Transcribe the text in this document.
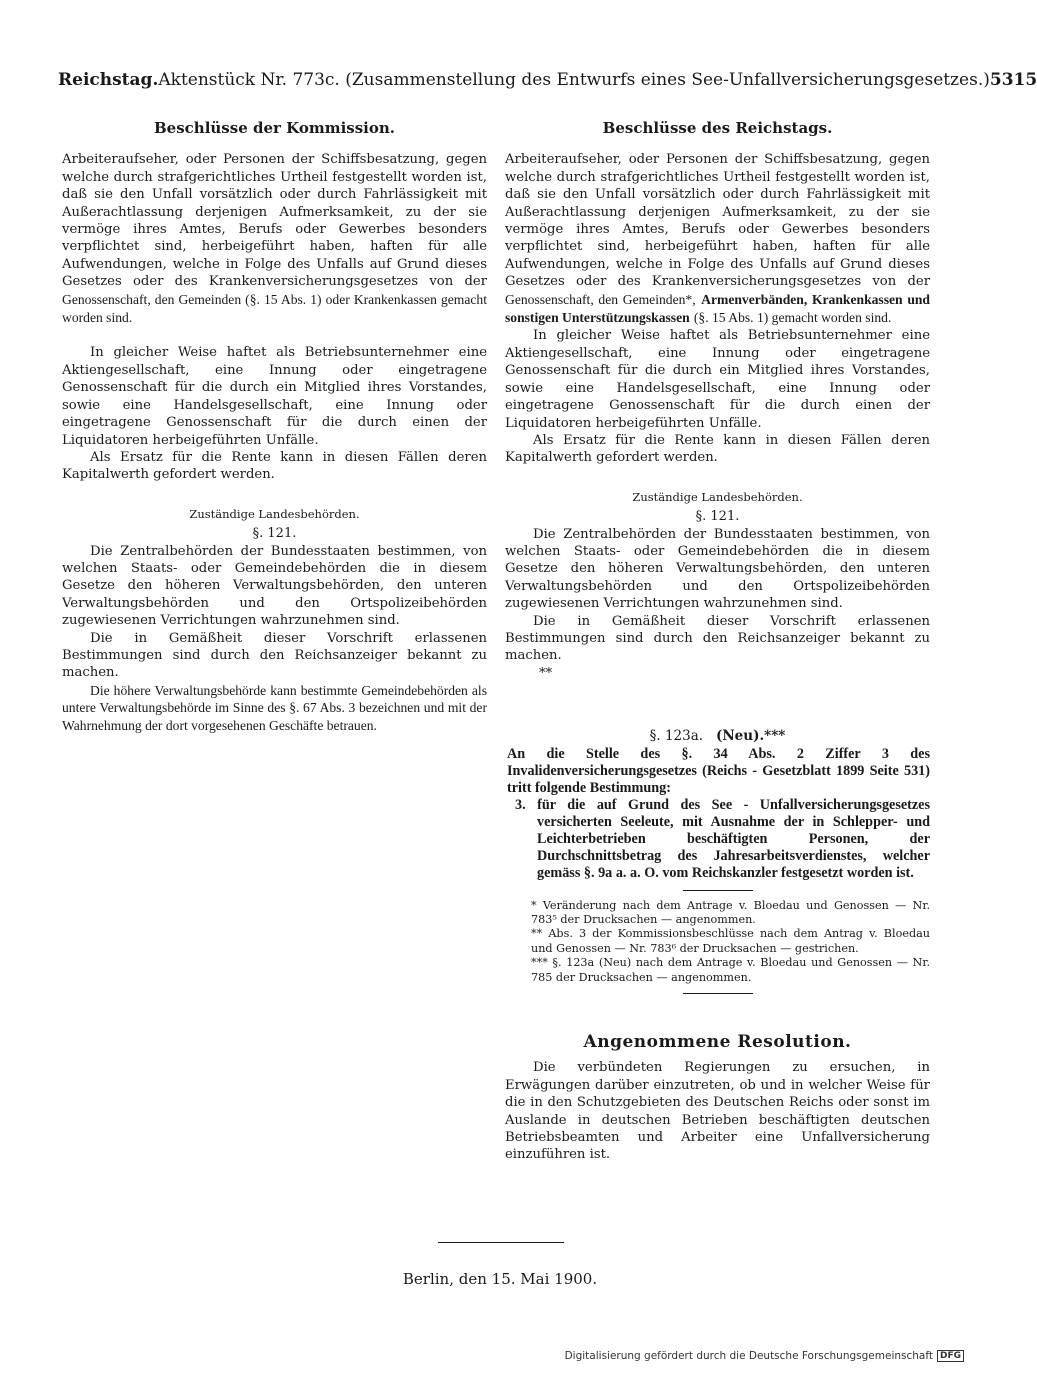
Reichstag. Aktenstück Nr. 773c. (Zusammenstellung des Entwurfs eines See-Unfallversicherungsgesetzes.) 5315
Beschlüsse der Kommission.

Arbeiteraufseher, oder Personen der Schiffsbesatzung, gegen welche durch strafgerichtliches Urtheil festgestellt worden ist, daß sie den Unfall vorsätzlich oder durch Fahrlässigkeit mit Außerachtlassung derjenigen Aufmerksamkeit, zu der sie vermöge ihres Amtes, Berufs oder Gewerbes besonders verpflichtet sind, herbeigeführt haben, haften für alle Aufwendungen, welche in Folge des Unfalls auf Grund dieses Gesetzes oder des Krankenversicherungsgesetzes von der Genossenschaft, den Gemeinden (§. 15 Abs. 1) oder Krankenkassen gemacht worden sind.

In gleicher Weise haftet als Betriebsunternehmer eine Aktiengesellschaft, eine Innung oder eingetragene Genossenschaft für die durch ein Mitglied ihres Vorstandes, sowie eine Handelsgesellschaft, eine Innung oder eingetragene Genossenschaft für die durch einen der Liquidatoren herbeigeführten Unfälle.

Als Ersatz für die Rente kann in diesen Fällen deren Kapitalwerth gefordert werden.

Zuständige Landesbehörden.
§. 121.

Die Zentralbehörden der Bundesstaaten bestimmen, von welchen Staats- oder Gemeindebehörden die in diesem Gesetze den höheren Verwaltungsbehörden, den unteren Verwaltungsbehörden und den Ortspolizeibehörden zugewiesenen Verrichtungen wahrzunehmen sind.

Die in Gemäßheit dieser Vorschrift erlassenen Bestimmungen sind durch den Reichsanzeiger bekannt zu machen.

Die höhere Verwaltungsbehörde kann bestimmte Gemeindebehörden als untere Verwaltungsbehörde im Sinne des §. 67 Abs. 3 bezeichnen und mit der Wahrnehmung der dort vorgesehenen Geschäfte betrauen.

Beschlüsse des Reichstags.

Arbeiteraufseher, oder Personen der Schiffsbesatzung, gegen welche durch strafgerichtliches Urtheil festgestellt worden ist, daß sie den Unfall vorsätzlich oder durch Fahrlässigkeit mit Außerachtlassung derjenigen Aufmerksamkeit, zu der sie vermöge ihres Amtes, Berufs oder Gewerbes besonders verpflichtet sind, herbeigeführt haben, haften für alle Aufwendungen, welche in Folge des Unfalls auf Grund dieses Gesetzes oder des Krankenversicherungsgesetzes von der Genossenschaft, den Gemeinden*, Armenverbänden, Krankenkassen und sonstigen Unterstützungskassen (§. 15 Abs. 1) gemacht worden sind.

In gleicher Weise haftet als Betriebsunternehmer eine Aktiengesellschaft, eine Innung oder eingetragene Genossenschaft für die durch ein Mitglied ihres Vorstandes, sowie eine Handelsgesellschaft, eine Innung oder eingetragene Genossenschaft für die durch einen der Liquidatoren herbeigeführten Unfälle.

Als Ersatz für die Rente kann in diesen Fällen deren Kapitalwerth gefordert werden.

Zuständige Landesbehörden.
§. 121.

Die Zentralbehörden der Bundesstaaten bestimmen, von welchen Staats- oder Gemeindebehörden die in diesem Gesetze den höheren Verwaltungsbehörden, den unteren Verwaltungsbehörden und den Ortspolizeibehörden zugewiesenen Verrichtungen wahrzunehmen sind.

Die in Gemäßheit dieser Vorschrift erlassenen Bestimmungen sind durch den Reichsanzeiger bekannt zu machen.

**
§. 123a. (Neu).***

An die Stelle des §. 34 Abs. 2 Ziffer 3 des Invalidenversicherungsgesetzes (Reichs - Gesetzblatt 1899 Seite 531) tritt folgende Bestimmung:

3. für die auf Grund des See - Unfallversicherungsgesetzes versicherten Seeleute, mit Ausnahme der in Schlepper- und Leichterbetrieben beschäftigten Personen, der Durchschnittsbetrag des Jahresarbeitsverdienstes, welcher gemäss §. 9a a. a. O. vom Reichskanzler festgesetzt worden ist.

* Veränderung nach dem Antrage v. Bloedau und Genossen — Nr. 783⁵ der Drucksachen — angenommen.

** Abs. 3 der Kommissionsbeschlüsse nach dem Antrag v. Bloedau und Genossen — Nr. 783⁶ der Drucksachen — gestrichen.

*** §. 123a (Neu) nach dem Antrage v. Bloedau und Genossen — Nr. 785 der Drucksachen — angenommen.

Angenommene Resolution.

Die verbündeten Regierungen zu ersuchen, in Erwägungen darüber einzutreten, ob und in welcher Weise für die in den Schutzgebieten des Deutschen Reichs oder sonst im Auslande in deutschen Betrieben beschäftigten deutschen Betriebsbeamten und Arbeiter eine Unfallversicherung einzuführen ist.

Berlin, den 15. Mai 1900.
Digitalisierung gefördert durch die Deutsche Forschungsgemeinschaft DFG
